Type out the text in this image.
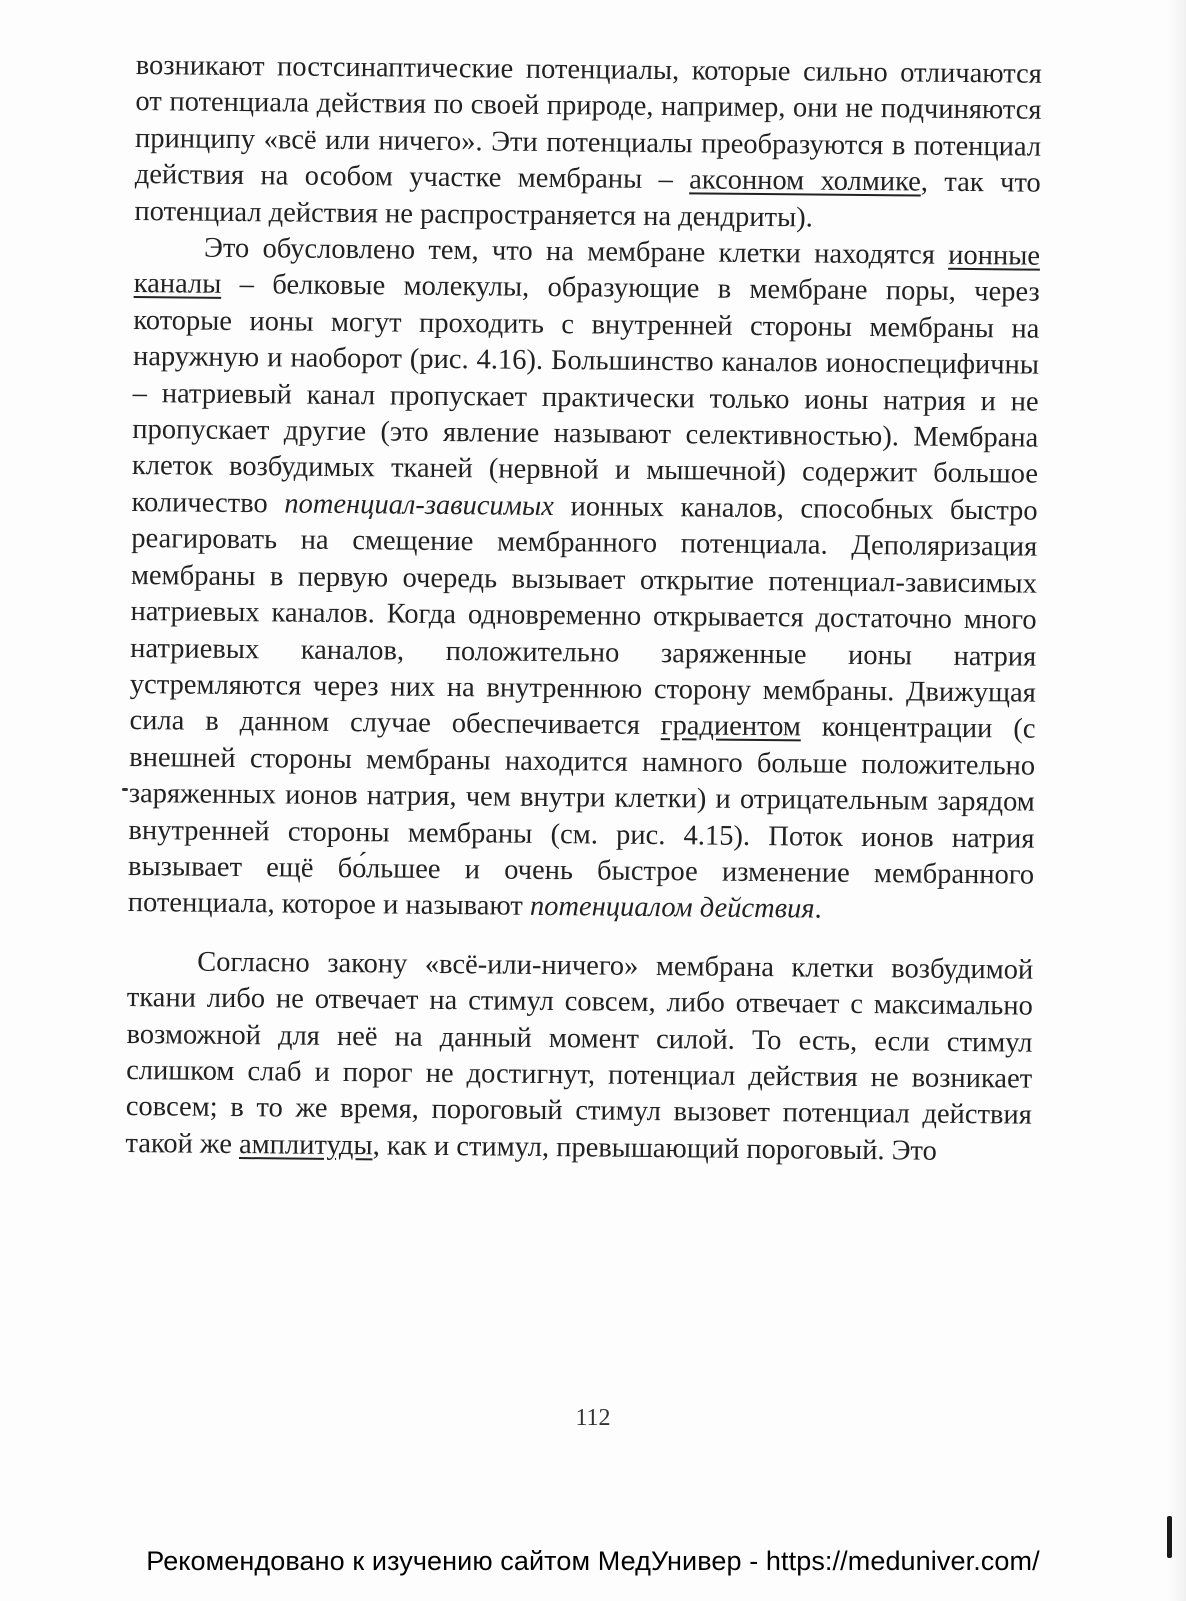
возникают постсинаптические потенциалы, которые сильно отличаются от потенциала действия по своей природе, например, они не подчиняются принципу «всё или ничего». Эти потенциалы преобразуются в потенциал действия на особом участке мембраны – аксонном холмике, так что потенциал действия не распространяется на дендриты).

Это обусловлено тем, что на мембране клетки находятся ионные каналы – белковые молекулы, образующие в мембране поры, через которые ионы могут проходить с внутренней стороны мембраны на наружную и наоборот (рис. 4.16). Большинство каналов ионоспецифичны – натриевый канал пропускает практически только ионы натрия и не пропускает другие (это явление называют селективностью). Мембрана клеток возбудимых тканей (нервной и мышечной) содержит большое количество потенциал-зависимых ионных каналов, способных быстро реагировать на смещение мембранного потенциала. Деполяризация мембраны в первую очередь вызывает открытие потенциал-зависимых натриевых каналов. Когда одновременно открывается достаточно много натриевых каналов, положительно заряженные ионы натрия устремляются через них на внутреннюю сторону мембраны. Движущая сила в данном случае обеспечивается градиентом концентрации (с внешней стороны мембраны находится намного больше положительно заряженных ионов натрия, чем внутри клетки) и отрицательным зарядом внутренней стороны мембраны (см. рис. 4.15). Поток ионов натрия вызывает ещё бо́льшее и очень быстрое изменение мембранного потенциала, которое и называют потенциалом действия.

Согласно закону «всё-или-ничего» мембрана клетки возбудимой ткани либо не отвечает на стимул совсем, либо отвечает с максимально возможной для неё на данный момент силой. То есть, если стимул слишком слаб и порог не достигнут, потенциал действия не возникает совсем; в то же время, пороговый стимул вызовет потенциал действия такой же амплитуды, как и стимул, превышающий пороговый. Это

112
Рекомендовано к изучению сайтом МедУнивер - https://meduniver.com/
